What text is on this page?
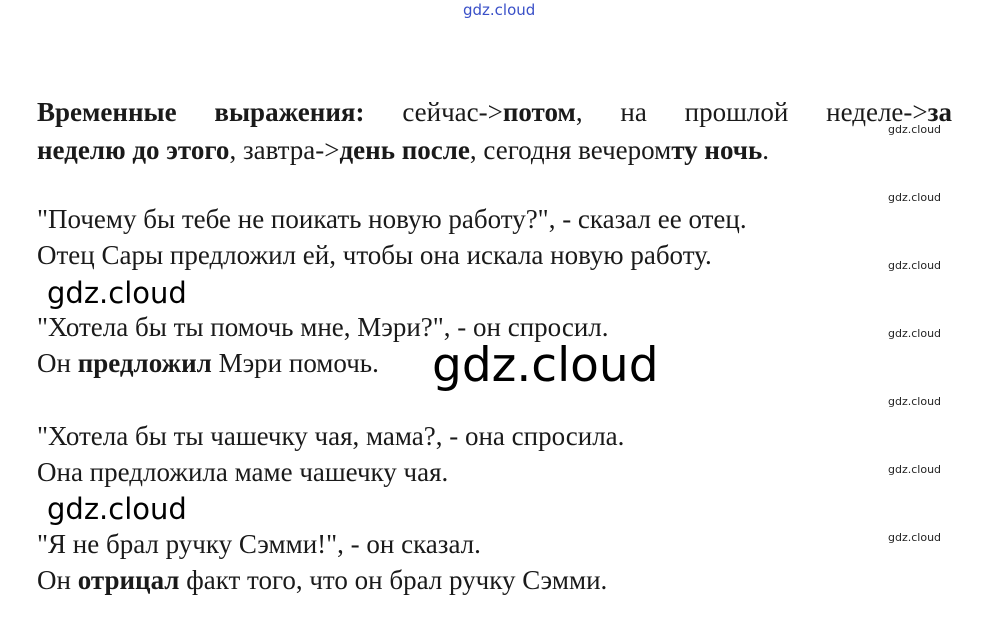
gdz.cloud
gdz.cloud
gdz.cloud
gdz.cloud
gdz.cloud
gdz.cloud
gdz.cloud
gdz.cloud
gdz.cloud
gdz.cloud
gdz.cloud

Временные выражения: сейчас->потом, на прошлой неделе->за

неделю до этого, завтра->день после, сегодня вечеромту ночь.

"Почему бы тебе не поикать новую работу?", - сказал ее отец.

Отец Сары предложил ей, чтобы она искала новую работу.

"Хотела бы ты помочь мне, Мэри?", - он спросил.

Он предложил Мэри помочь.

"Хотела бы ты чашечку чая, мама?, - она спросила.

Она предложила маме чашечку чая.

"Я не брал ручку Сэмми!", - он сказал.

Он отрицал факт того, что он брал ручку Сэмми.
